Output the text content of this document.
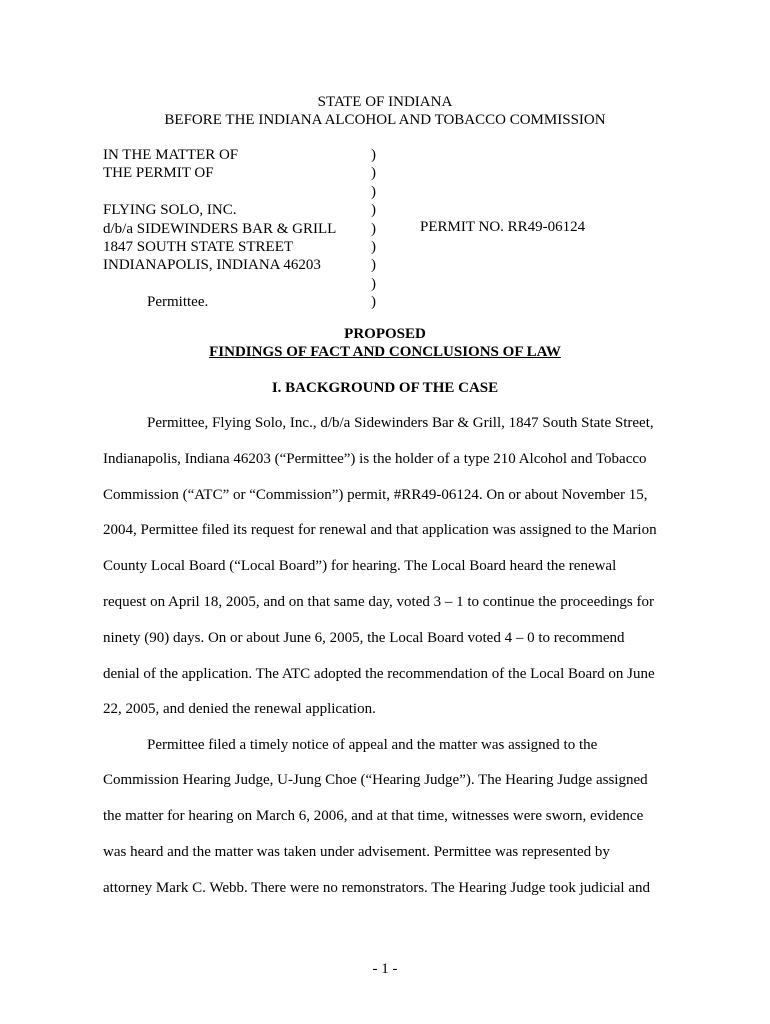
STATE OF INDIANA
BEFORE THE INDIANA ALCOHOL AND TOBACCO COMMISSION
IN THE MATTER OF
THE PERMIT OF
FLYING SOLO, INC.
d/b/a SIDEWINDERS BAR & GRILL
1847 SOUTH STATE STREET
INDIANAPOLIS, INDIANA 46203
Permittee.
)
)
)
)
)
)
)
)
)
PERMIT NO. RR49-06124
PROPOSED
FINDINGS OF FACT AND CONCLUSIONS OF LAW
I. BACKGROUND OF THE CASE
Permittee, Flying Solo, Inc., d/b/a Sidewinders Bar & Grill, 1847 South State Street,
Indianapolis, Indiana 46203 (“Permittee”) is the holder of a type 210 Alcohol and Tobacco
Commission (“ATC” or “Commission”) permit, #RR49-06124. On or about November 15,
2004, Permittee filed its request for renewal and that application was assigned to the Marion
County Local Board (“Local Board”) for hearing. The Local Board heard the renewal
request on April 18, 2005, and on that same day, voted 3 – 1 to continue the proceedings for
ninety (90) days. On or about June 6, 2005, the Local Board voted 4 – 0 to recommend
denial of the application. The ATC adopted the recommendation of the Local Board on June
22, 2005, and denied the renewal application.
Permittee filed a timely notice of appeal and the matter was assigned to the
Commission Hearing Judge, U-Jung Choe (“Hearing Judge”). The Hearing Judge assigned
the matter for hearing on March 6, 2006, and at that time, witnesses were sworn, evidence
was heard and the matter was taken under advisement. Permittee was represented by
attorney Mark C. Webb. There were no remonstrators. The Hearing Judge took judicial and
- 1 -
